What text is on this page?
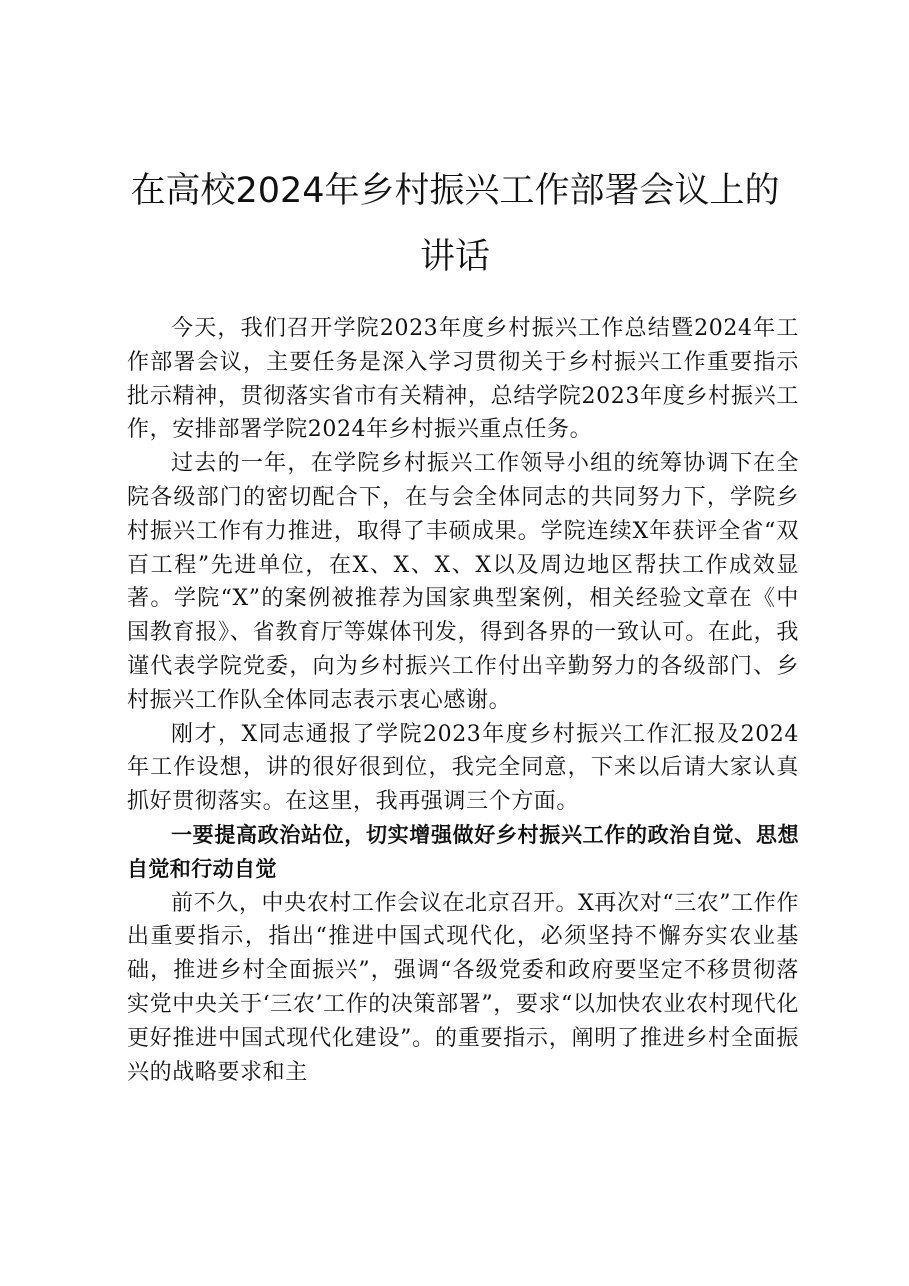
在高校2024年乡村振兴工作部署会议上的讲话

今天，我们召开学院2023年度乡村振兴工作总结暨2024年工作部署会议，主要任务是深入学习贯彻关于乡村振兴工作重要指示批示精神，贯彻落实省市有关精神，总结学院2023年度乡村振兴工作，安排部署学院2024年乡村振兴重点任务。

过去的一年，在学院乡村振兴工作领导小组的统筹协调下在全院各级部门的密切配合下，在与会全体同志的共同努力下，学院乡村振兴工作有力推进，取得了丰硕成果。学院连续X年获评全省“双百工程”先进单位，在X、X、X、X以及周边地区帮扶工作成效显著。学院“X”的案例被推荐为国家典型案例，相关经验文章在《中国教育报》、省教育厅等媒体刊发，得到各界的一致认可。在此，我谨代表学院党委，向为乡村振兴工作付出辛勤努力的各级部门、乡村振兴工作队全体同志表示衷心感谢。

刚才，X同志通报了学院2023年度乡村振兴工作汇报及2024年工作设想，讲的很好很到位，我完全同意，下来以后请大家认真抓好贯彻落实。在这里，我再强调三个方面。

一要提高政治站位，切实增强做好乡村振兴工作的政治自觉、思想自觉和行动自觉

前不久，中央农村工作会议在北京召开。X再次对“三农”工作作出重要指示，指出“推进中国式现代化，必须坚持不懈夯实农业基础，推进乡村全面振兴”，强调“各级党委和政府要坚定不移贯彻落实党中央关于‘三农’工作的决策部署”，要求“以加快农业农村现代化更好推进中国式现代化建设”。的重要指示，阐明了推进乡村全面振兴的战略要求和主
